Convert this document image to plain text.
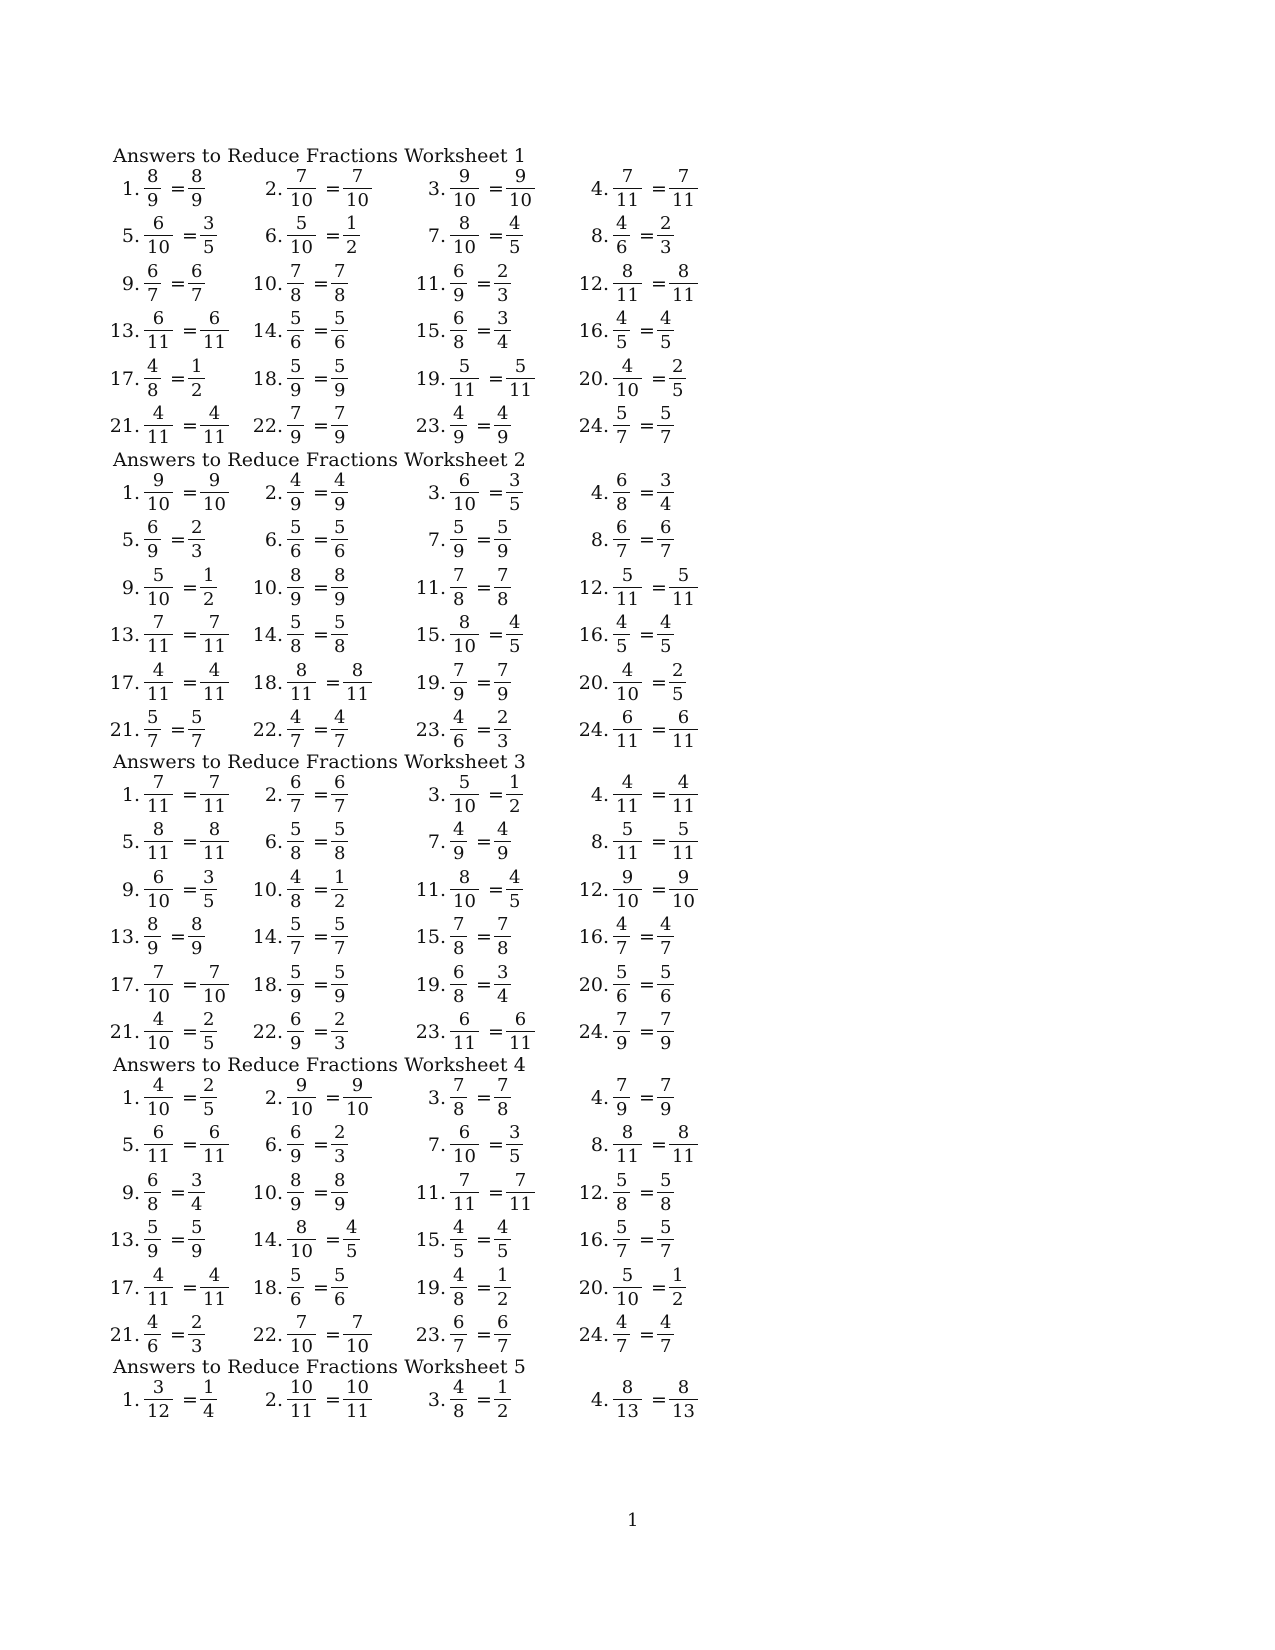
Answers to Reduce Fractions Worksheet 1
1.
8
9
=
8
9
2.
7
10
=
7
10
3.
9
10
=
9
10
4.
7
11
=
7
11
5.
6
10
=
3
5
6.
5
10
=
1
2
7.
8
10
=
4
5
8.
4
6
=
2
3
9.
6
7
=
6
7
10.
7
8
=
7
8
11.
6
9
=
2
3
12.
8
11
=
8
11
13.
6
11
=
6
11
14.
5
6
=
5
6
15.
6
8
=
3
4
16.
4
5
=
4
5
17.
4
8
=
1
2
18.
5
9
=
5
9
19.
5
11
=
5
11
20.
4
10
=
2
5
21.
4
11
=
4
11
22.
7
9
=
7
9
23.
4
9
=
4
9
24.
5
7
=
5
7
Answers to Reduce Fractions Worksheet 2
1.
9
10
=
9
10
2.
4
9
=
4
9
3.
6
10
=
3
5
4.
6
8
=
3
4
5.
6
9
=
2
3
6.
5
6
=
5
6
7.
5
9
=
5
9
8.
6
7
=
6
7
9.
5
10
=
1
2
10.
8
9
=
8
9
11.
7
8
=
7
8
12.
5
11
=
5
11
13.
7
11
=
7
11
14.
5
8
=
5
8
15.
8
10
=
4
5
16.
4
5
=
4
5
17.
4
11
=
4
11
18.
8
11
=
8
11
19.
7
9
=
7
9
20.
4
10
=
2
5
21.
5
7
=
5
7
22.
4
7
=
4
7
23.
4
6
=
2
3
24.
6
11
=
6
11
Answers to Reduce Fractions Worksheet 3
1.
7
11
=
7
11
2.
6
7
=
6
7
3.
5
10
=
1
2
4.
4
11
=
4
11
5.
8
11
=
8
11
6.
5
8
=
5
8
7.
4
9
=
4
9
8.
5
11
=
5
11
9.
6
10
=
3
5
10.
4
8
=
1
2
11.
8
10
=
4
5
12.
9
10
=
9
10
13.
8
9
=
8
9
14.
5
7
=
5
7
15.
7
8
=
7
8
16.
4
7
=
4
7
17.
7
10
=
7
10
18.
5
9
=
5
9
19.
6
8
=
3
4
20.
5
6
=
5
6
21.
4
10
=
2
5
22.
6
9
=
2
3
23.
6
11
=
6
11
24.
7
9
=
7
9
Answers to Reduce Fractions Worksheet 4
1.
4
10
=
2
5
2.
9
10
=
9
10
3.
7
8
=
7
8
4.
7
9
=
7
9
5.
6
11
=
6
11
6.
6
9
=
2
3
7.
6
10
=
3
5
8.
8
11
=
8
11
9.
6
8
=
3
4
10.
8
9
=
8
9
11.
7
11
=
7
11
12.
5
8
=
5
8
13.
5
9
=
5
9
14.
8
10
=
4
5
15.
4
5
=
4
5
16.
5
7
=
5
7
17.
4
11
=
4
11
18.
5
6
=
5
6
19.
4
8
=
1
2
20.
5
10
=
1
2
21.
4
6
=
2
3
22.
7
10
=
7
10
23.
6
7
=
6
7
24.
4
7
=
4
7
Answers to Reduce Fractions Worksheet 5
1.
3
12
=
1
4
2.
10
11
=
10
11
3.
4
8
=
1
2
4.
8
13
=
8
13
1
